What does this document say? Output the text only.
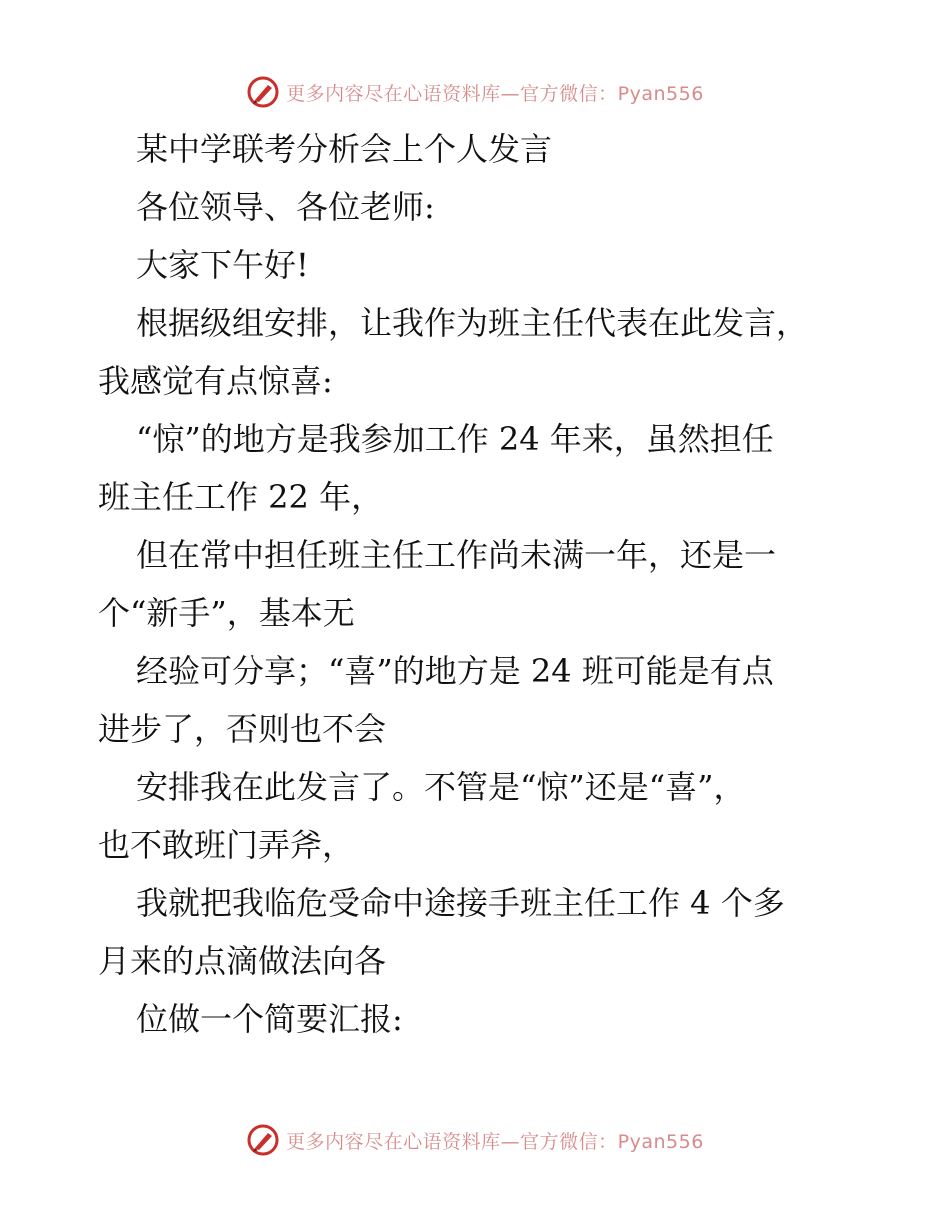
更多内容尽在心语资料库—官方微信：Pyan556

某中学联考分析会上个人发言

各位领导、各位老师:

大家下午好!

根据级组安排，让我作为班主任代表在此发言，

我感觉有点惊喜:

“惊”的地方是我参加工作 24 年来，虽然担任

班主任工作 22 年，

但在常中担任班主任工作尚未满一年，还是一

个“新手”，基本无

经验可分享；“喜”的地方是 24 班可能是有点

进步了，否则也不会

安排我在此发言了。不管是“惊”还是“喜”，

也不敢班门弄斧，

我就把我临危受命中途接手班主任工作 4 个多

月来的点滴做法向各

位做一个简要汇报:

更多内容尽在心语资料库—官方微信：Pyan556
